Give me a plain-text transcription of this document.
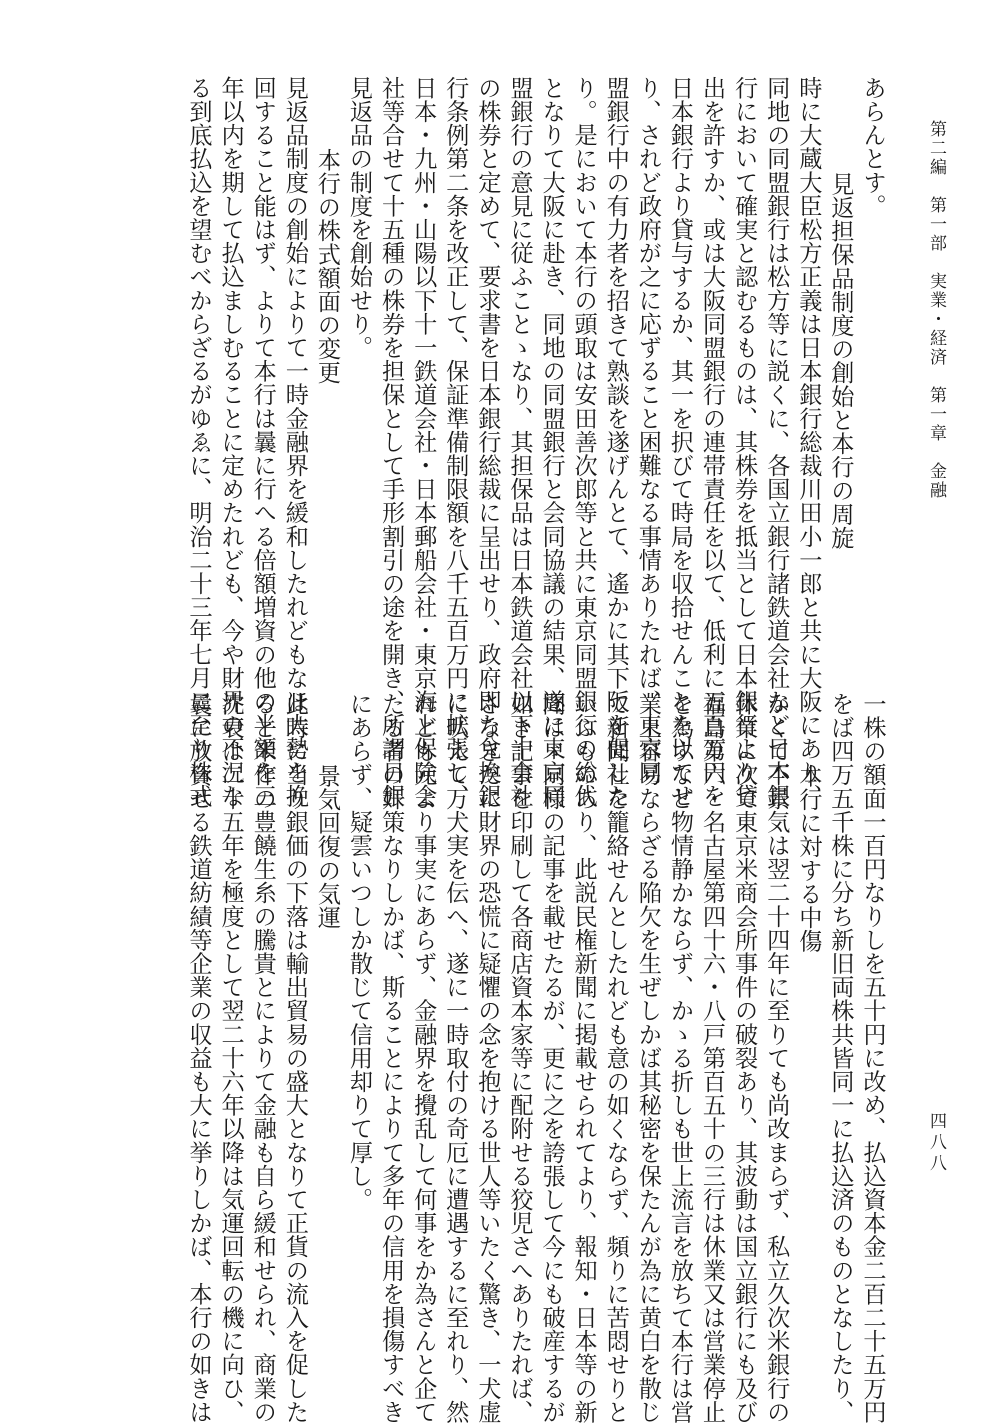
第二編　第一部　実業・経済　第一章　金融
四八八
あらんとす。
見返担保品制度の創始と本行の周旋
時に大蔵大臣松方正義は日本銀行総裁川田小一郎と共に大阪にあり、
同地の同盟銀行は松方等に説くに、各国立銀行諸鉄道会社など日本銀
行において確実と認むるものは、其株券を抵当として日本銀行より貸
出を許すか、或は大阪同盟銀行の連帯責任を以て、低利に五百万円を
日本銀行より貸与するか、其一を択びて時局を収拾せんことを以てせ
り、されど政府が之に応ずること困難なる事情ありたれば、東京同
盟銀行中の有力者を招きて熟談を遂げんとて、遙かに其下阪を促した
り。是において本行の頭取は安田善次郎等と共に東京同盟銀行の総代
となりて大阪に赴き、同地の同盟銀行と会同協議の結果、遂に東京同
盟銀行の意見に従ふことゝなり、其担保品は日本鉄道会社以下十会社
の株券と定めて、要求書を日本銀行総裁に呈出せり、政府即ち兌換銀
行条例第二条を改正して、保証準備制限額を八千五百万円に拡張し、
日本・九州・山陽以下十一鉄道会社・日本郵船会社・東京海上保険会
社等合せて十五種の株券を担保として手形割引の途を開き、所謂日銀
見返品の制度を創始せり。
本行の株式額面の変更
見返品制度の創始によりて一時金融界を緩和したれどもなほ大勢を挽
回すること能はず、よりて本行は曩に行へる倍額増資の他の半額を三
年以内を期して払込ましむることに定めたれども、今や財界の不況な
る到底払込を望むべからざるがゆゑに、明治二十三年七月に至り株式
一株の額面一百円なりしを五十円に改め、払込資本金二百二十五万円
をば四万五千株に分ち新旧両株共皆同一に払込済のものとなしたり、
本行に対する中傷
かくて不景気は翌二十四年に至りても尚改まらず、私立久次米銀行の
休業に次で東京米商会所事件の破裂あり、其波動は国立銀行にも及び
福島第六・名古屋第四十六・八戸第百五十の三行は休業又は営業停止
を為すなど物情静かならず、かゝる折しも世上流言を放ちて本行は営
業上容易ならざる陥欠を生ぜしかば其秘密を保たんが為に黄白を散じ
て新聞社を籠絡せんとしたれども意の如くならず、頻りに苦悶せりと
いふものあり、此説民権新聞に掲載せられてより、報知・日本等の新
聞はゞ同様の記事を載せたるが、更に之を誇張して今にも破産するが
如き記事を印刷して各商店資本家等に配附せる狡児さへありたれば、
さなきだに財界の恐慌に疑懼の念を抱ける世人等いたく驚き、一犬虚
に吠えて万犬実を伝へ、遂に一時取付の奇厄に遭遇するに至れり、然
れども元より事実にあらず、金融界を攪乱して何事をか為さんと企て
たる者の奸策なりしかば、斯ることによりて多年の信用を損傷すべき
にあらず、疑雲いつしか散じて信用却りて厚し。
景気回復の気運
此時に当り銀価の下落は輸出貿易の盛大となりて正貨の流入を促した
ると米作の豊饒生糸の騰貴とによりて金融も自ら緩和せられ、商業の
沈衰は二十五年を極度として翌二十六年以降は気運回転の機に向ひ、
曩に放資せる鉄道紡績等企業の収益も大に挙りしかば、本行の如きは
